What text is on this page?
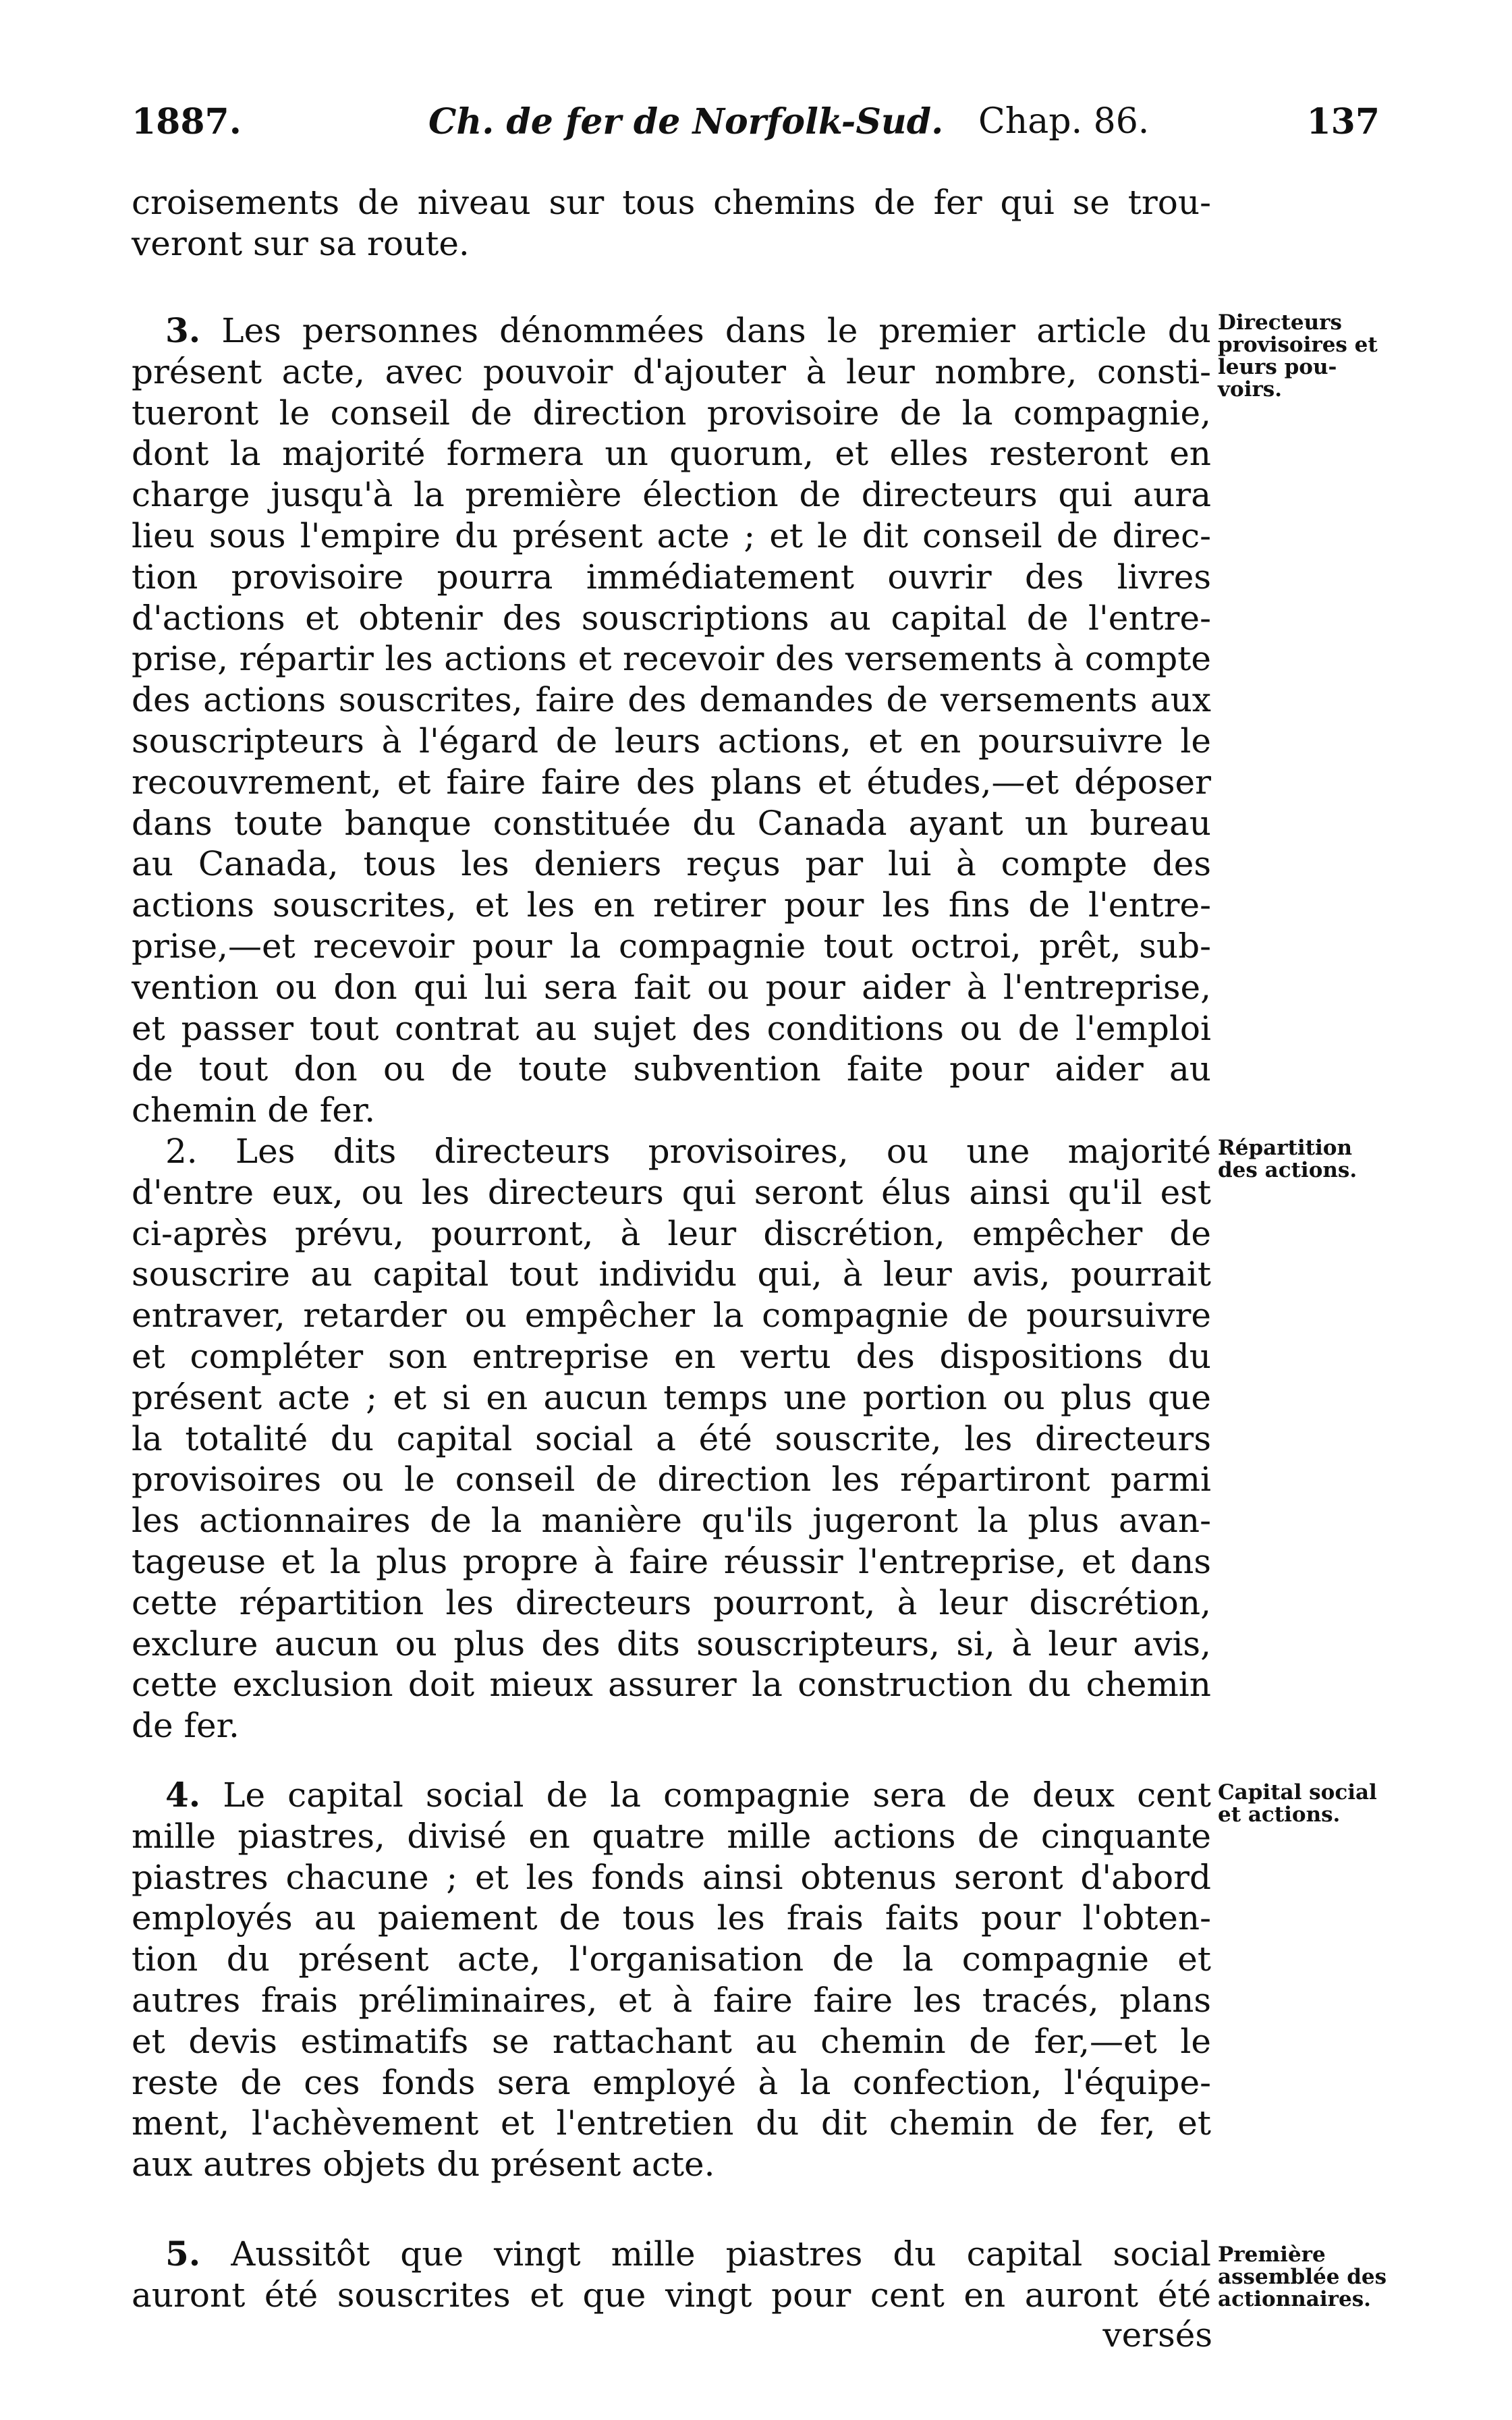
1887.	Ch. de fer de Norfolk-Sud. Chap. 86.	137
croisements de niveau sur tous chemins de fer qui se trou-
veront sur sa route.
3. Les personnes dénommées dans le premier article du
présent acte, avec pouvoir d'ajouter à leur nombre, consti-
tueront le conseil de direction provisoire de la compagnie,
dont la majorité formera un quorum, et elles resteront en
charge jusqu'à la première élection de directeurs qui aura
lieu sous l'empire du présent acte ; et le dit conseil de direc-
tion provisoire pourra immédiatement ouvrir des livres
d'actions et obtenir des souscriptions au capital de l'entre-
prise, répartir les actions et recevoir des versements à compte
des actions souscrites, faire des demandes de versements aux
souscripteurs à l'égard de leurs actions, et en poursuivre le
recouvrement, et faire faire des plans et études,—et déposer
dans toute banque constituée du Canada ayant un bureau
au Canada, tous les deniers reçus par lui à compte des
actions souscrites, et les en retirer pour les fins de l'entre-
prise,—et recevoir pour la compagnie tout octroi, prêt, sub-
vention ou don qui lui sera fait ou pour aider à l'entreprise,
et passer tout contrat au sujet des conditions ou de l'emploi
de tout don ou de toute subvention faite pour aider au
chemin de fer.
2. Les dits directeurs provisoires, ou une majorité
d'entre eux, ou les directeurs qui seront élus ainsi qu'il est
ci-après prévu, pourront, à leur discrétion, empêcher de
souscrire au capital tout individu qui, à leur avis, pourrait
entraver, retarder ou empêcher la compagnie de poursuivre
et compléter son entreprise en vertu des dispositions du
présent acte ; et si en aucun temps une portion ou plus que
la totalité du capital social a été souscrite, les directeurs
provisoires ou le conseil de direction les répartiront parmi
les actionnaires de la manière qu'ils jugeront la plus avan-
tageuse et la plus propre à faire réussir l'entreprise, et dans
cette répartition les directeurs pourront, à leur discrétion,
exclure aucun ou plus des dits souscripteurs, si, à leur avis,
cette exclusion doit mieux assurer la construction du chemin
de fer.
4. Le capital social de la compagnie sera de deux cent
mille piastres, divisé en quatre mille actions de cinquante
piastres chacune ; et les fonds ainsi obtenus seront d'abord
employés au paiement de tous les frais faits pour l'obten-
tion du présent acte, l'organisation de la compagnie et
autres frais préliminaires, et à faire faire les tracés, plans
et devis estimatifs se rattachant au chemin de fer,—et le
reste de ces fonds sera employé à la confection, l'équipe-
ment, l'achèvement et l'entretien du dit chemin de fer, et
aux autres objets du présent acte.
5. Aussitôt que vingt mille piastres du capital social
auront été souscrites et que vingt pour cent en auront été
versés
Directeurs
provisoires et
leurs pou-
voirs.
Répartition
des actions.
Capital social
et actions.
Première
assemblée des
actionnaires.
